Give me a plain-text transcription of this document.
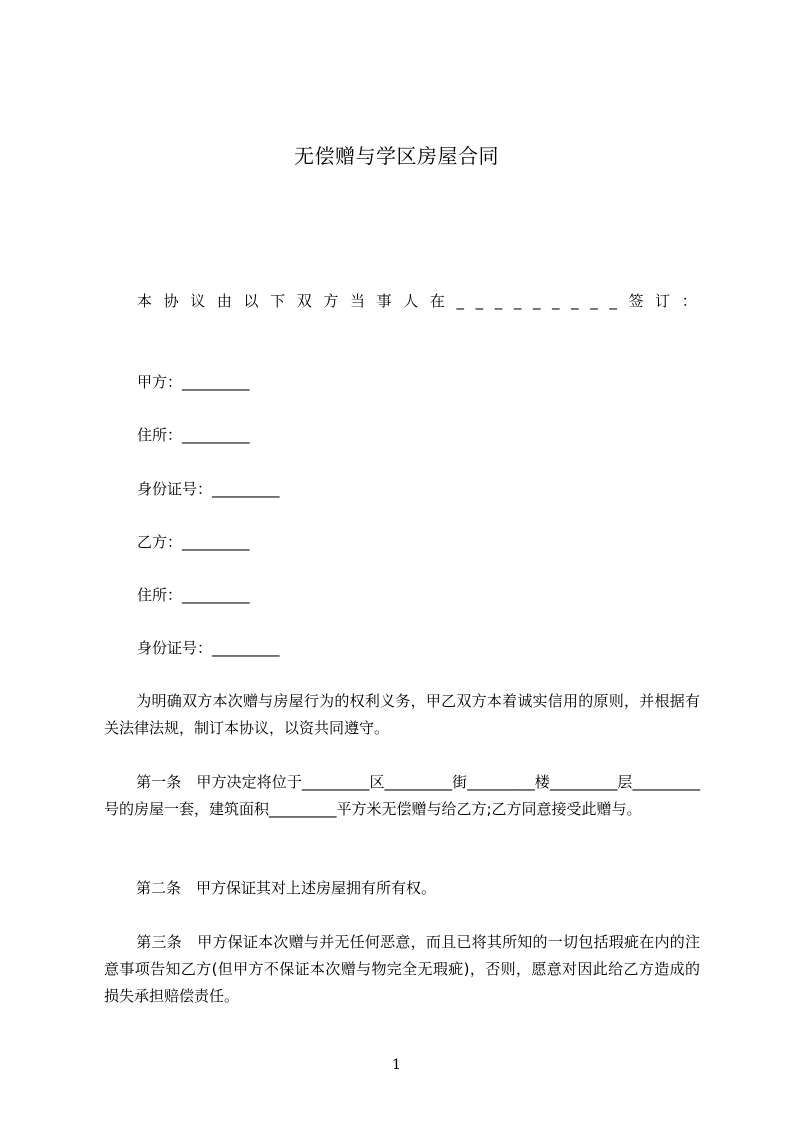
无偿赠与学区房屋合同
本 协 议 由 以 下 双 方 当 事 人 在 _ _ _ _ _ _ _ _ _ 签 订 ：
甲方：_________
住所：_________
身份证号：_________
乙方：_________
住所：_________
身份证号：_________
为明确双方本次赠与房屋行为的权利义务，甲乙双方本着诚实信用的原则，并根据有关法律法规，制订本协议，以资共同遵守。
第一条　甲方决定将位于_________区_________街_________楼_________层_________号的房屋一套，建筑面积_________平方米无偿赠与给乙方;乙方同意接受此赠与。
第二条　甲方保证其对上述房屋拥有所有权。
第三条　甲方保证本次赠与并无任何恶意，而且已将其所知的一切包括瑕疵在内的注意事项告知乙方(但甲方不保证本次赠与物完全无瑕疵)，否则，愿意对因此给乙方造成的损失承担赔偿责任。
1
